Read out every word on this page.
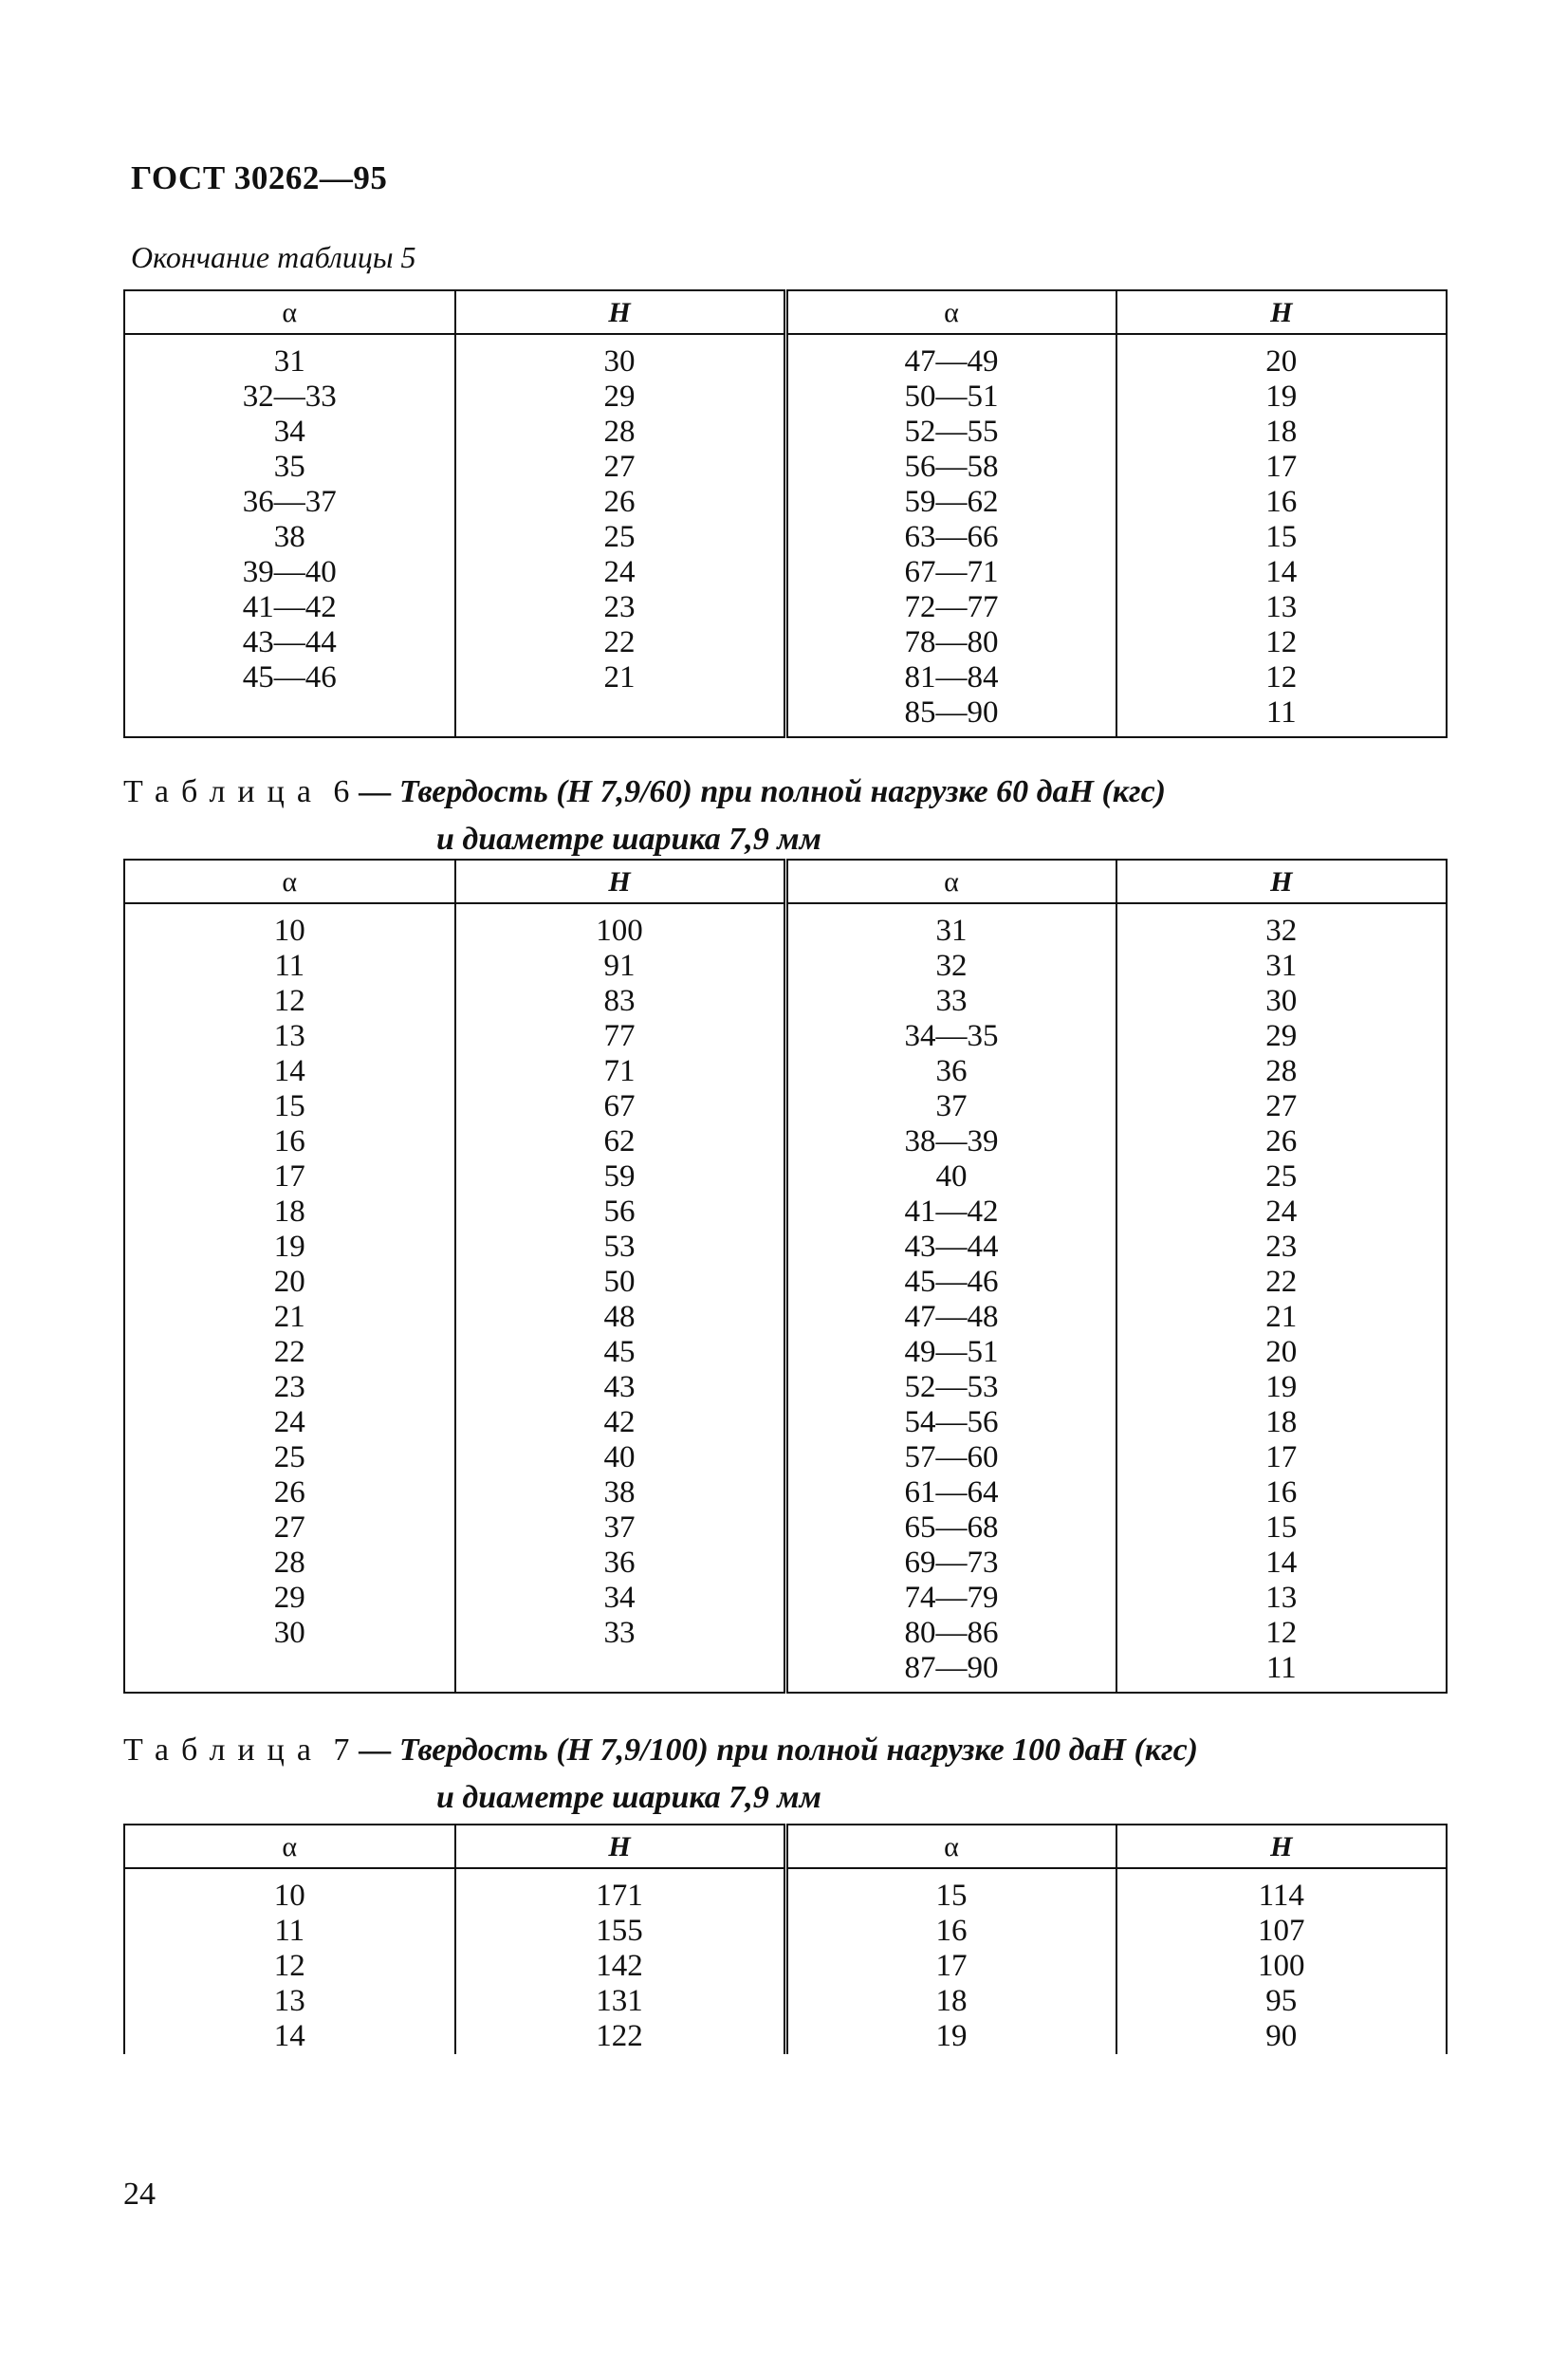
ГОСТ 30262—95
Окончание таблицы 5
α	H	α	H
31	30	47—49	20
32—33	29	50—51	19
34	28	52—55	18
35	27	56—58	17
36—37	26	59—62	16
38	25	63—66	15
39—40	24	67—71	14
41—42	23	72—77	13
43—44	22	78—80	12
45—46	21	81—84	12
		85—90	11
Таблица 6 — Твердость (H 7,9/60) при полной нагрузке 60 даН (кгс)
и диаметре шарика 7,9 мм
α	H	α	H
10	100	31	32
11	91	32	31
12	83	33	30
13	77	34—35	29
14	71	36	28
15	67	37	27
16	62	38—39	26
17	59	40	25
18	56	41—42	24
19	53	43—44	23
20	50	45—46	22
21	48	47—48	21
22	45	49—51	20
23	43	52—53	19
24	42	54—56	18
25	40	57—60	17
26	38	61—64	16
27	37	65—68	15
28	36	69—73	14
29	34	74—79	13
30	33	80—86	12
		87—90	11
Таблица 7 — Твердость (H 7,9/100) при полной нагрузке 100 даН (кгс)
и диаметре шарика 7,9 мм
α	H	α	H
10	171	15	114
11	155	16	107
12	142	17	100
13	131	18	95
14	122	19	90
24
